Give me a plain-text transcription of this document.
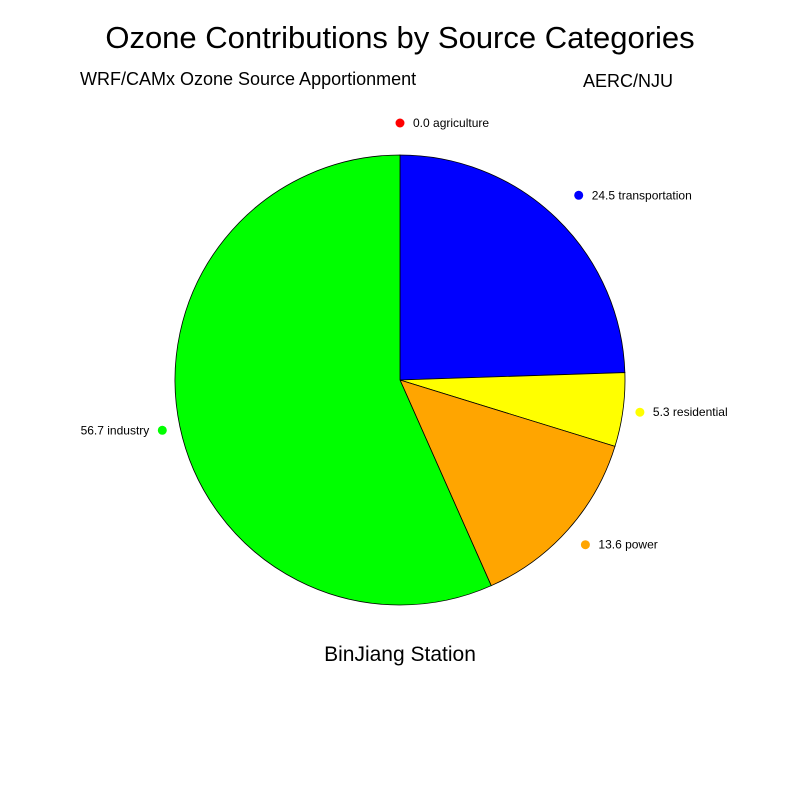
Ozone Contributions by Source Categories
WRF/CAMx Ozone Source Apportionment	AERC/NJU
0.0 agriculture
24.5 transportation
5.3 residential
13.6 power
56.7 industry
BinJiang Station
